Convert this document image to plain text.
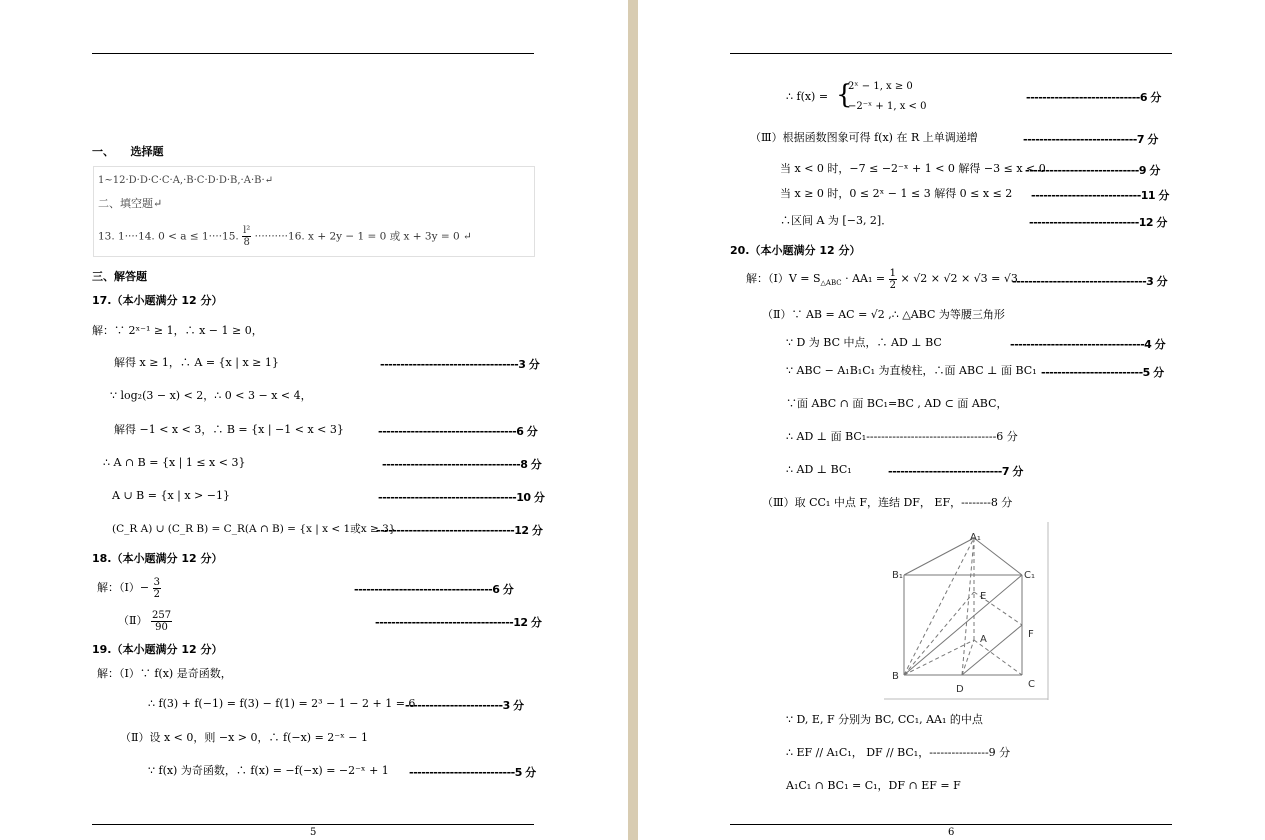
一、　　选择题
1~12·D·D·C·C·A,·B·C·D·D·B,·A·B·↵
二、填空题↵
13. 1····14. 0 < a ≤ 1····15. $\frac{\text{l²}}{8} \cdot\cdot\cdot\cdot\cdot\cdot\cdot\cdot\cdot\cdot 16$. x + 2y − 1 = 0 或 x + 3y = 0 ↵
三、解答题
17.（本小题满分 12 分）
解：∵ 2ˣ⁻¹ ≥ 1，∴ x − 1 ≥ 0，
解得 x ≥ 1，∴ A = {x | x ≥ 1}	----------------------------------3 分
∵ log₂(3 − x) < 2，∴ 0 < 3 − x < 4，
解得 −1 < x < 3，∴ B = {x | −1 < x < 3}	----------------------------------6 分
∴ A ∩ B = {x | 1 ≤ x < 3}	----------------------------------8 分
A ∪ B = {x | x > −1}	----------------------------------10 分
(C_R A) ∪ (C_R B) = C_R(A ∩ B) = {x | x < 1或x ≥ 3}
----------------------------------12 分
18.（本小题满分 12 分）
解：（Ⅰ）− $\frac{3}{2}$	----------------------------------6 分
（Ⅱ） $\frac{257}{90}$	----------------------------------12 分
19.（本小题满分 12 分）
解：（Ⅰ）∵ f(x) 是奇函数，
∴ f(3) + f(−1) = f(3) − f(1) = 2³ − 1 − 2 + 1 = 6
------------------------3 分
（Ⅱ）设 x < 0，则 −x > 0，∴ f(−x) = 2⁻ˣ − 1
∵ f(x) 为奇函数，∴ f(x) = −f(−x) = −2⁻ˣ + 1 --------------------------5 分
5
∴ f(x) = {
2ˣ − 1, x ≥ 0
−2⁻ˣ + 1, x < 0
----------------------------6 分
（Ⅲ）根据函数图象可得 f(x) 在 R 上单调递增	----------------------------7 分
当 x < 0 时，−7 ≤ −2⁻ˣ + 1 < 0 解得 −3 ≤ x < 0
----------------------------9 分
当 x ≥ 0 时，0 ≤ 2ˣ − 1 ≤ 3 解得 0 ≤ x ≤ 2 ---------------------------11 分
∴区间 A 为 [−3, 2]．	---------------------------12 分
20.（本小题满分 12 分）
解：（Ⅰ）V = $S_{\triangle ABC} \cdot AA_1 = \frac{1}{2} \times √2 \times √2 \times √3 = √3$
---------------------------------3 分
（Ⅱ）∵ AB = AC = √2 ,∴ △ABC 为等腰三角形
∵ D 为 BC 中点，∴ AD ⊥ BC	---------------------------------4 分
∵ ABC − A₁B₁C₁ 为直棱柱，∴面 ABC ⊥ 面 BC₁ -------------------------5 分
∵面 ABC ∩ 面 BC₁=BC , AD ⊂ 面 ABC，
∴ AD ⊥ 面 BC₁-----------------------------------6 分
∴ AD ⊥ BC₁	----------------------------7 分
（Ⅲ）取 CC₁ 中点 F，连结 DF， EF，--------8 分
A₁
B₁	C₁
E
A	F
B
D	C
∵ D, E, F 分别为 BC, CC₁, AA₁ 的中点
∴ EF // A₁C₁， DF // BC₁，----------------9 分
A₁C₁ ∩ BC₁ = C₁，DF ∩ EF = F
6
